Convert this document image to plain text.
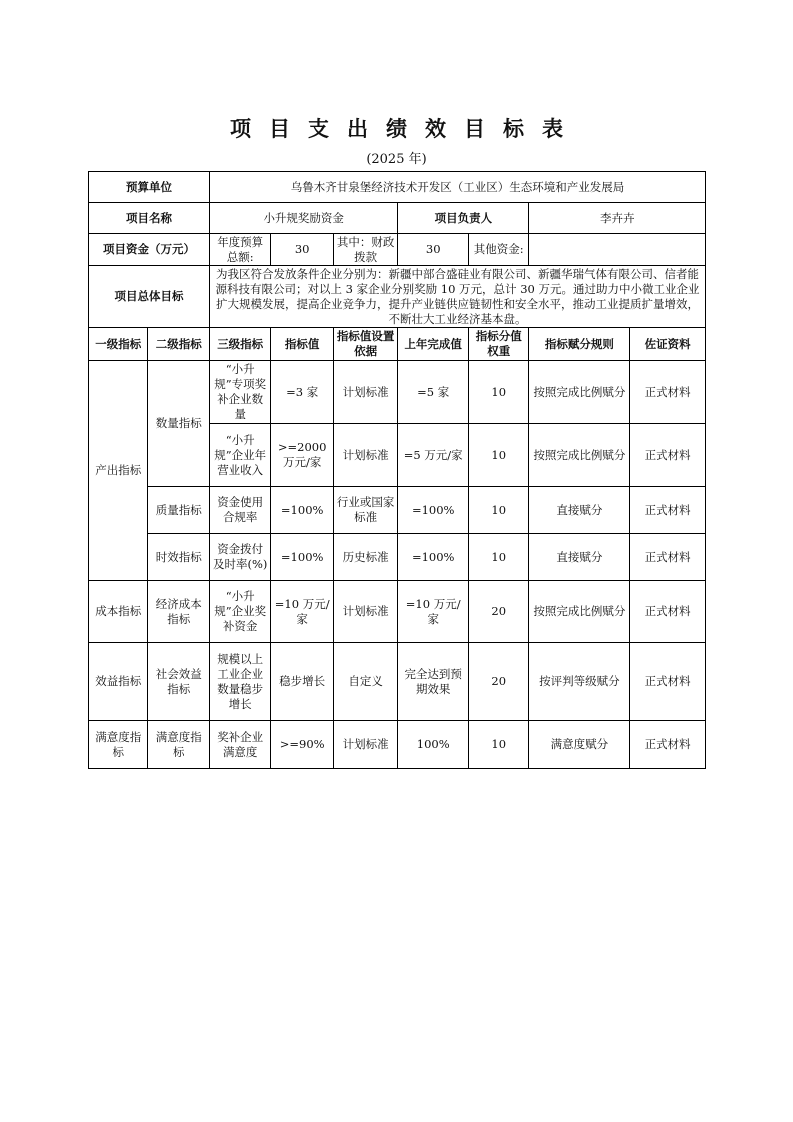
项目支出绩效目标表
(2025 年)
预算单位		乌鲁木齐甘泉堡经济技术开发区（工业区）生态环境和产业发展局						
项目名称		小升规奖励资金			项目负责人		李卉卉	
项目资金（万元）		年度预算总额:	30	其中：财政拨款	30	其他资金:		
项目总体目标		为我区符合发放条件企业分别为：新疆中部合盛硅业有限公司、新疆华瑞气体有限公司、信者能源科技有限公司；对以上 3 家企业分别奖励 10 万元，总计 30 万元。通过助力中小微工业企业扩大规模发展，提高企业竞争力，提升产业链供应链韧性和安全水平，推动工业提质扩量增效，不断壮大工业经济基本盘。						
一级指标	二级指标	三级指标	指标值	指标值设置依据	上年完成值	指标分值权重	指标赋分规则	佐证资料
产出指标	数量指标	“小升规”专项奖补企业数量	=3 家	计划标准	=5 家	10	按照完成比例赋分	正式材料
		“小升规”企业年营业收入	>=2000 万元/家	计划标准	=5 万元/家	10	按照完成比例赋分	正式材料
	质量指标	资金使用合规率	=100%	行业或国家标准	=100%	10	直接赋分	正式材料
	时效指标	资金拨付及时率(%)	=100%	历史标准	=100%	10	直接赋分	正式材料
成本指标	经济成本指标	“小升规”企业奖补资金	=10 万元/家	计划标准	=10 万元/家	20	按照完成比例赋分	正式材料
效益指标	社会效益指标	规模以上工业企业数量稳步增长	稳步增长	自定义	完全达到预期效果	20	按评判等级赋分	正式材料
满意度指标	满意度指标	奖补企业满意度	>=90%	计划标准	100%	10	满意度赋分	正式材料
